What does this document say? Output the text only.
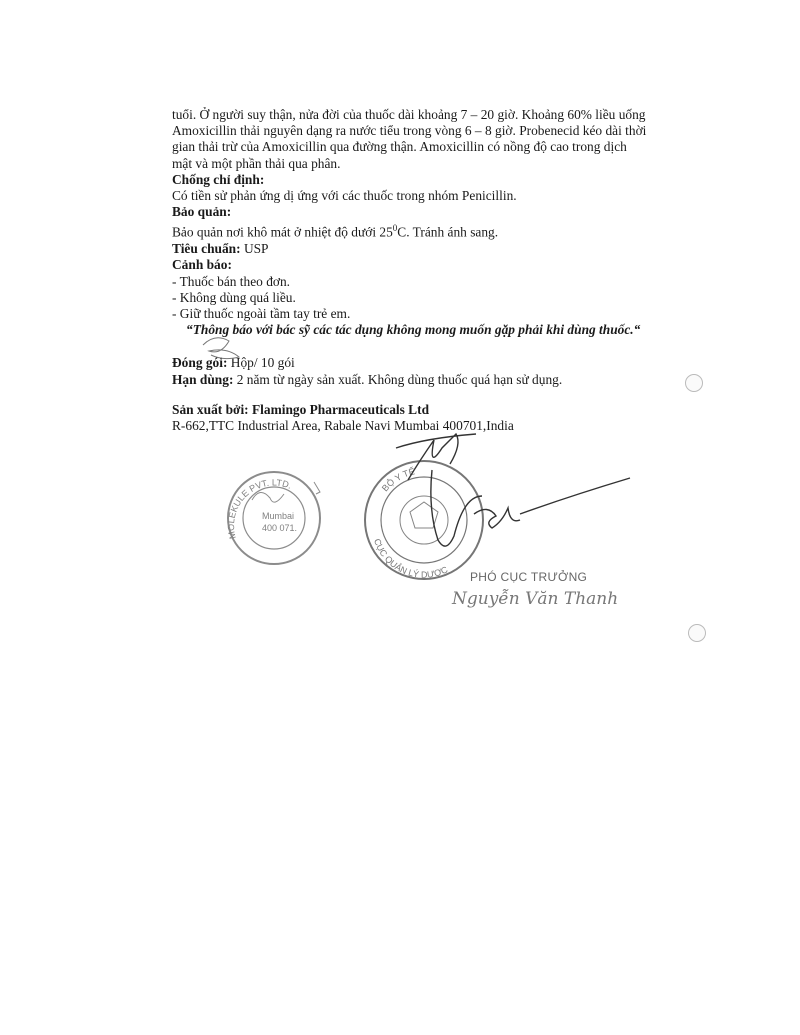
tuổi. Ở người suy thận, nửa đời của thuốc dài khoảng 7 – 20 giờ. Khoảng 60% liều uống

Amoxicillin thải nguyên dạng ra nước tiểu trong vòng 6 – 8 giờ. Probenecid kéo dài thời

gian thải trừ của Amoxicillin qua đường thận. Amoxicillin có nồng độ cao trong dịch

mật và một phần thải qua phân.

Chống chỉ định:

Có tiền sử phản ứng dị ứng với các thuốc trong nhóm Penicillin.

Bảo quản:

Bảo quản nơi khô mát ở nhiệt độ dưới $25^0C$. Tránh ánh sang.

Tiêu chuẩn: USP

Cảnh báo:

- Thuốc bán theo đơn.

- Không dùng quá liều.

- Giữ thuốc ngoài tầm tay trẻ em.

“Thông báo với bác sỹ các tác dụng không mong muốn gặp phải khi dùng thuốc.“

Đóng gói: Hộp/ 10 gói

Hạn dùng: 2 năm từ ngày sản xuất. Không dùng thuốc quá hạn sử dụng.

Sản xuất bởi: Flamingo Pharmaceuticals Ltd

R-662,TTC Industrial Area, Rabale Navi Mumbai 400701,India

MOLEKULE PVT. LTD.
Mumbai
400 071.
CỤC QUẢN LÝ DƯỢC
BỘ Y TẾ
PHÓ CỤC TRƯỞNG
Nguyễn Văn Thanh
